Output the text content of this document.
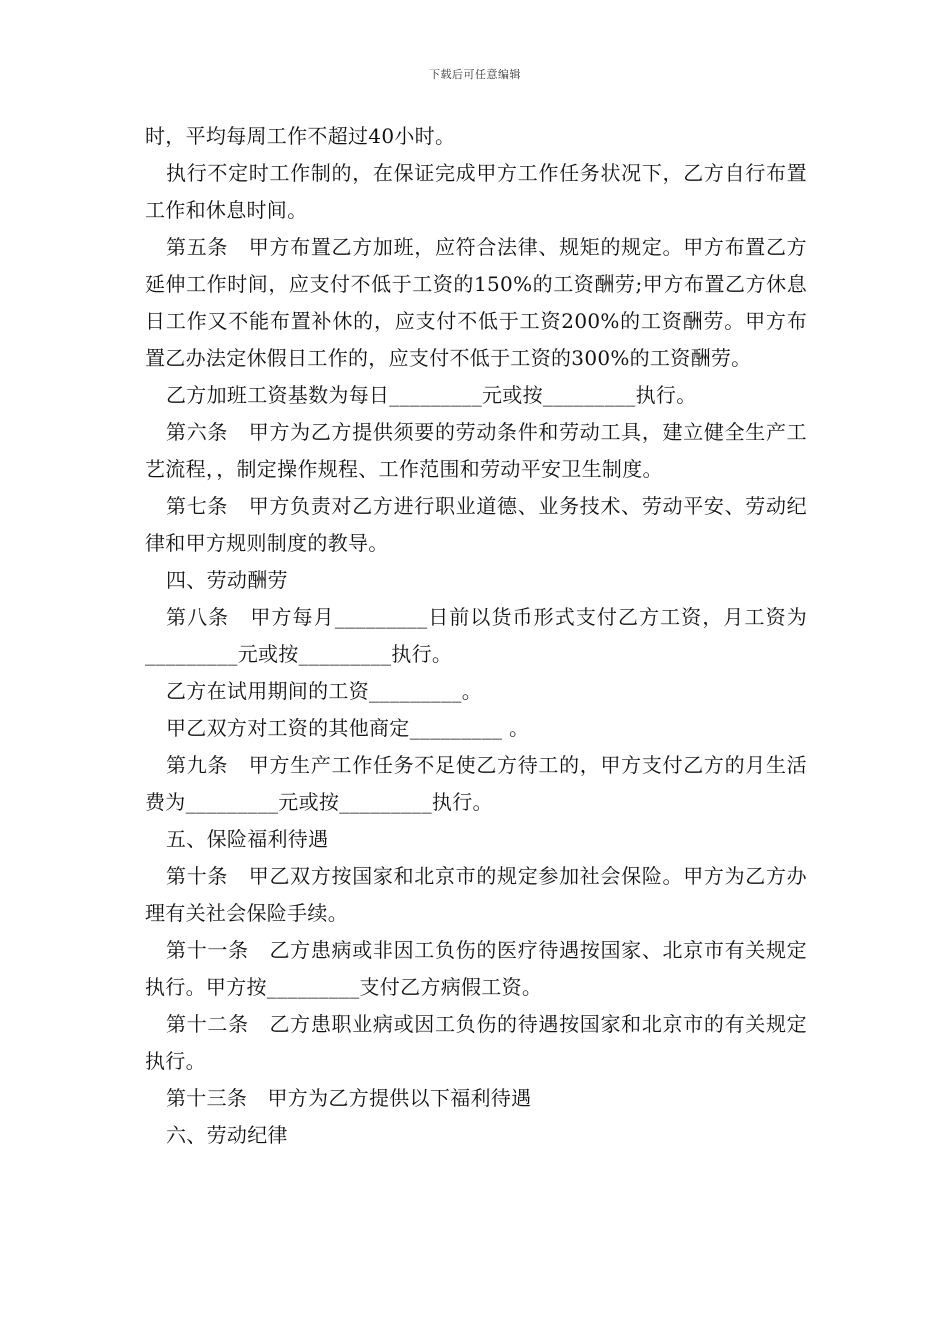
下载后可任意编辑

时，平均每周工作不超过40小时。

执行不定时工作制的，在保证完成甲方工作任务状况下，乙方自行布置工作和休息时间。

第五条　甲方布置乙方加班，应符合法律、规矩的规定。甲方布置乙方延伸工作时间，应支付不低于工资的150%的工资酬劳;甲方布置乙方休息日工作又不能布置补休的，应支付不低于工资200%的工资酬劳。甲方布置乙办法定休假日工作的，应支付不低于工资的300%的工资酬劳。

乙方加班工资基数为每日_________元或按_________执行。

第六条　甲方为乙方提供须要的劳动条件和劳动工具，建立健全生产工艺流程，，制定操作规程、工作范围和劳动平安卫生制度。

第七条　甲方负责对乙方进行职业道德、业务技术、劳动平安、劳动纪律和甲方规则制度的教导。

四、劳动酬劳

第八条　甲方每月_________日前以货币形式支付乙方工资，月工资为_________元或按_________执行。

乙方在试用期间的工资_________。

甲乙双方对工资的其他商定_________ 。

第九条　甲方生产工作任务不足使乙方待工的，甲方支付乙方的月生活费为_________元或按_________执行。

五、保险福利待遇

第十条　甲乙双方按国家和北京市的规定参加社会保险。甲方为乙方办理有关社会保险手续。

第十一条　乙方患病或非因工负伤的医疗待遇按国家、北京市有关规定执行。甲方按_________支付乙方病假工资。

第十二条　乙方患职业病或因工负伤的待遇按国家和北京市的有关规定执行。

第十三条　甲方为乙方提供以下福利待遇

六、劳动纪律
